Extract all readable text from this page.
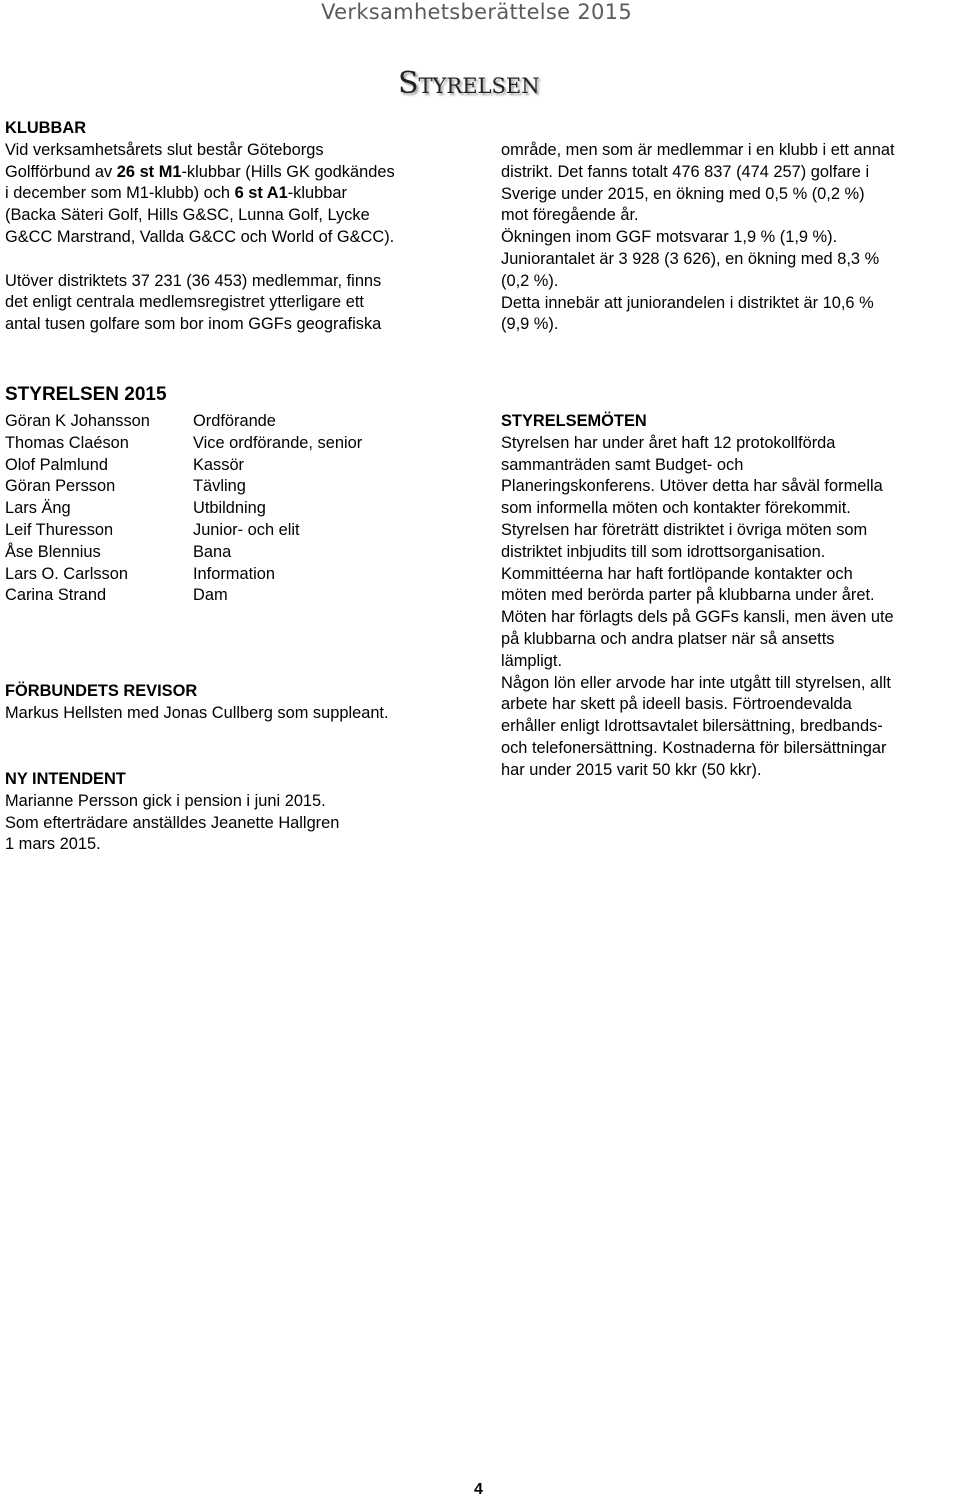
Verksamhetsberättelse 2015
Styrelsen

KLUBBAR

Vid verksamhetsårets slut består Göteborgs
Golfförbund av 26 st M1-klubbar (Hills GK godkändes
i december som M1-klubb) och 6 st A1-klubbar
(Backa Säteri Golf, Hills G&SC, Lunna Golf, Lycke
G&CC Marstrand, Vallda G&CC och World of G&CC).

Utöver distriktets 37 231 (36 453) medlemmar, finns
det enligt centrala medlemsregistret ytterligare ett
antal tusen golfare som bor inom GGFs geografiska

område, men som är medlemmar i en klubb i ett annat
distrikt. Det fanns totalt 476 837 (474 257) golfare i
Sverige under 2015, en ökning med 0,5 % (0,2 %)
mot föregående år.
Ökningen inom GGF motsvarar 1,9 % (1,9 %).
Juniorantalet är 3 928 (3 626), en ökning med 8,3 %
(0,2 %).
Detta innebär att juniorandelen i distriktet är 10,6 %
(9,9 %).

STYRELSEN 2015
Göran K Johansson	Ordförande
Thomas Claéson	Vice ordförande, senior
Olof Palmlund	Kassör
Göran Persson	Tävling
Lars Äng	Utbildning
Leif Thuresson	Junior- och elit
Åse Blennius	Bana
Lars O. Carlsson	Information
Carina Strand	Dam

FÖRBUNDETS REVISOR

Markus Hellsten med Jonas Cullberg som suppleant.

NY INTENDENT

Marianne Persson gick i pension i juni 2015.
Som efterträdare anställdes Jeanette Hallgren
1 mars 2015.

STYRELSEMÖTEN

Styrelsen har under året haft 12 protokollförda
sammanträden samt Budget- och
Planeringskonferens. Utöver detta har såväl formella
som informella möten och kontakter förekommit.
Styrelsen har företrätt distriktet i övriga möten som
distriktet inbjudits till som idrottsorganisation.
Kommittéerna har haft fortlöpande kontakter och
möten med berörda parter på klubbarna under året.
Möten har förlagts dels på GGFs kansli, men även ute
på klubbarna och andra platser när så ansetts
lämpligt.
Någon lön eller arvode har inte utgått till styrelsen, allt
arbete har skett på ideell basis. Förtroendevalda
erhåller enligt Idrottsavtalet bilersättning, bredbands-
och telefonersättning. Kostnaderna för bilersättningar
har under 2015 varit 50 kkr (50 kkr).

4
